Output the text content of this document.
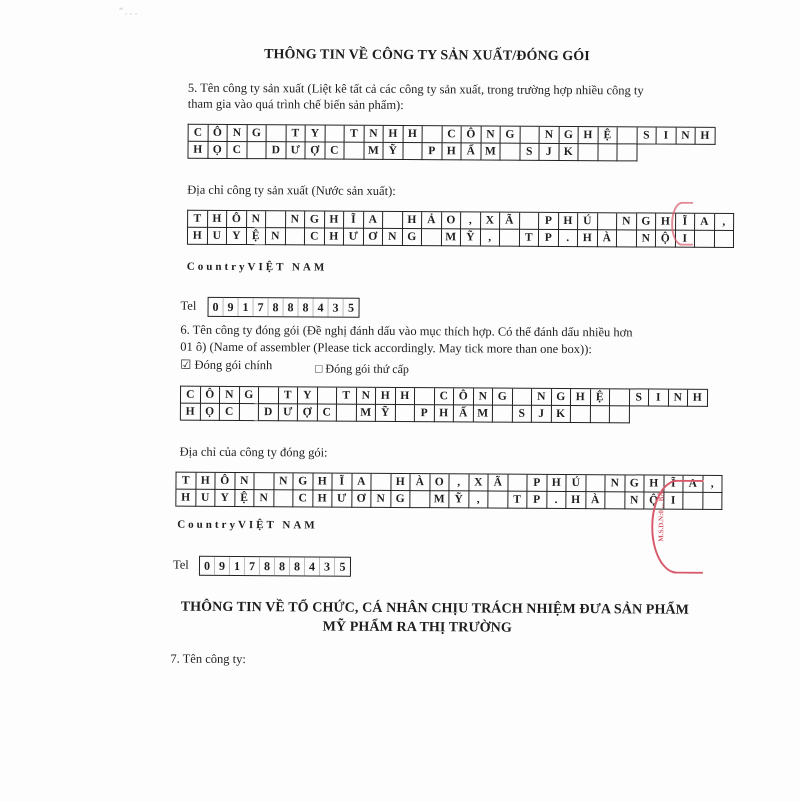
" . . .
THÔNG TIN VỀ CÔNG TY SẢN XUẤT/ĐÓNG GÓI
5. Tên công ty sản xuất (Liệt kê tất cả các công ty sản xuất, trong trường hợp nhiều công ty
tham gia vào quá trình chế biến sản phẩm):
C Ô N G	T Y	T N H H	C Ô N G	N G H Ệ	S	I	N H
H Ọ C	D Ư Ợ C	M Ỹ	P H Ẩ M	S	J	K
Địa chỉ công ty sản xuất (Nước sản xuất):
T H Ô N	N G H	Ĩ	A	H Ả O	,	X Ã	P H Ú	N G H	Ĩ	A	,
H U Y Ệ N	C H Ư Ơ N G	M Ỹ	,	T	P	.	H À	N Ộ	I
CountryVIỆT NAM
Tel	0 9 1 7 8 8 8 4 3 5
6. Tên công ty đóng gói (Đề nghị đánh dấu vào mục thích hợp. Có thể đánh dấu nhiều hơn
01 ô) (Name of assembler (Please tick accordingly. May tick more than one box)):
☑ Đóng gói chính	□ Đóng gói thứ cấp
C Ô N G	T Y	T N H H	C Ô N G	N G H Ệ	S	I	N H
H Ọ C	D Ư Ợ C	M Ỹ	P H Ẩ M	S	J	K
Địa chỉ của công ty đóng gói:
T H Ô N	N G H	Ĩ	A	H À O	,	X Ã	P H Ú	N G H	Ĩ	A	,
H U Y Ệ N	C H Ư Ơ N G	M Ỹ	,	T	P	.	H À	N Ộ	I
CountryVIỆT NAM
Tel	0 9 1 7 8 8 8 4 3 5
THÔNG TIN VỀ TỔ CHỨC, CÁ NHÂN CHỊU TRÁCH NHIỆM ĐƯA SẢN PHẨM
MỸ PHẨM RA THỊ TRƯỜNG
7. Tên công ty:
M.S.D.N:0 ... BẮ
